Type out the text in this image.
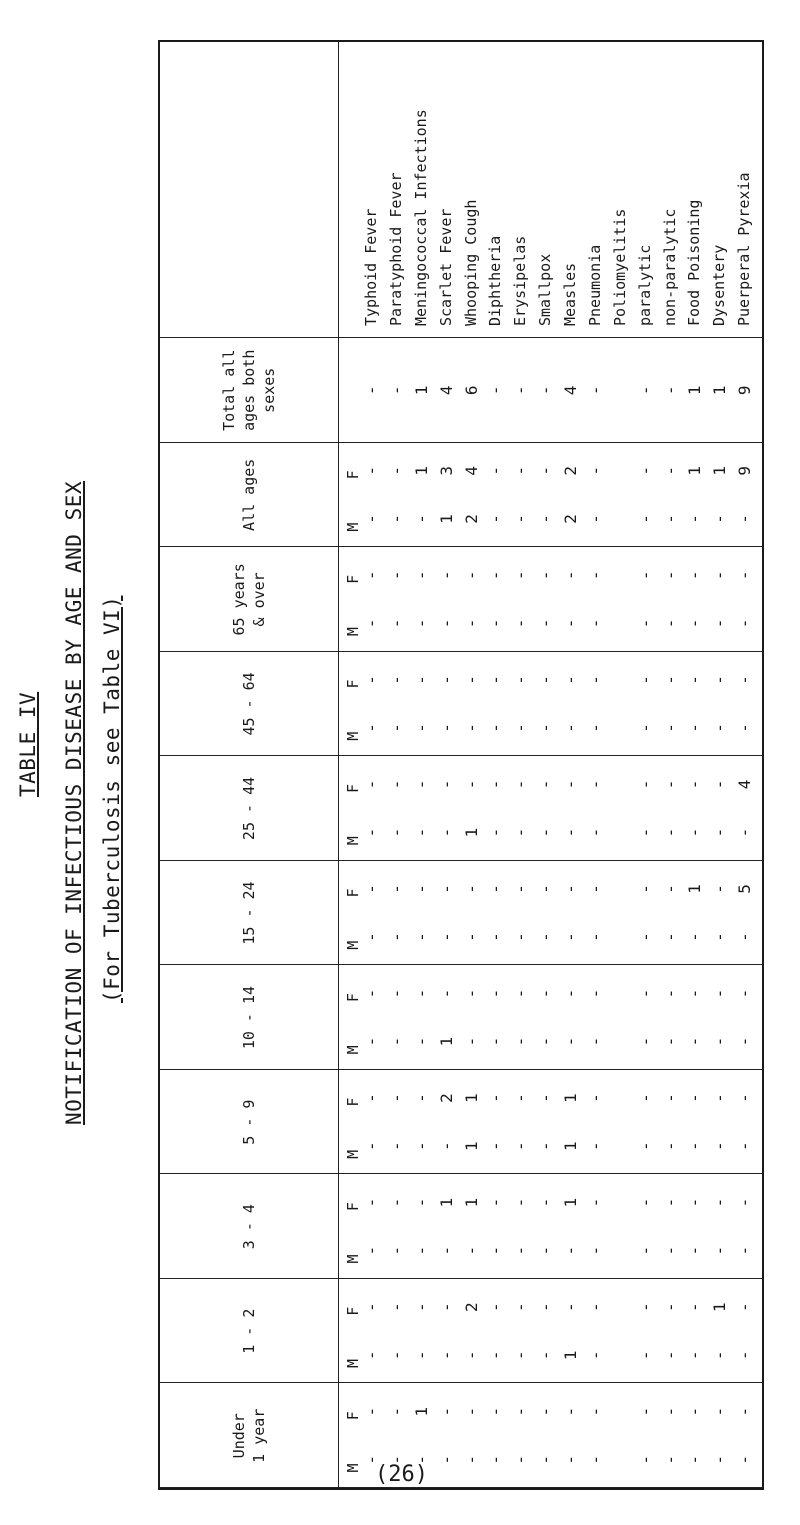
TABLE IV NOTIFICATION OF INFECTIOUS DISEASE BY AGE AND SEX (For Tuberculosis see Table VI)
Under 1 year
M
F
1 - 2
M
F
3 - 4
M
F
5 - 9
M
F
10 - 14
M
F
15 - 24
M
F
25 - 44
M
F
45 - 64
M
F
65 years & over
M
F
All ages	M
F
Total all ages both sexes
Typhoid Fever Paratyphoid Fever Meningococcal Infections Scarlet Fever Whooping Cough Diphtheria Erysipelas Smallpox Measles Pneumonia Poliomyelitis paralytic non-paralytic Food Poisoning Dysentery Puerperal Pyrexia
- - - - - - - - - - - - - - -
- - 1 - - - - - - - - - - - -
- - - - - - - - 1 - - - - - -
- - - - 2 - - - - - - - - 1 -
- - - - - - - - - - - - - - -
- - - 1 1 - - - 1 - - - - - -
- - - - 1 - - - 1 - - - - - -
- - - 2 1 - - - 1 - - - - - -
- - - 1 - - - - - - - - - - -
- - - - - - - - - - - - - - -
- - - - - - - - - - - - - - -
- - - - - - - - - - - - 1 - 5
- - - - 1 - - - - - - - - - -
- - - - - - - - - - - - - - 4
- - - - - - - - - - - - - - -
- - - - - - - - - - - - - - -
- - - - - - - - - - - - - - -
- - - - - - - - - - - - - - -
- - - 1 2 - - - 2 - - - - - -
- - 1 3 4 - - - 2 - - - 1 1 9
- - 1 4 6 - - - 4 - - - 1 1 9
(26)
